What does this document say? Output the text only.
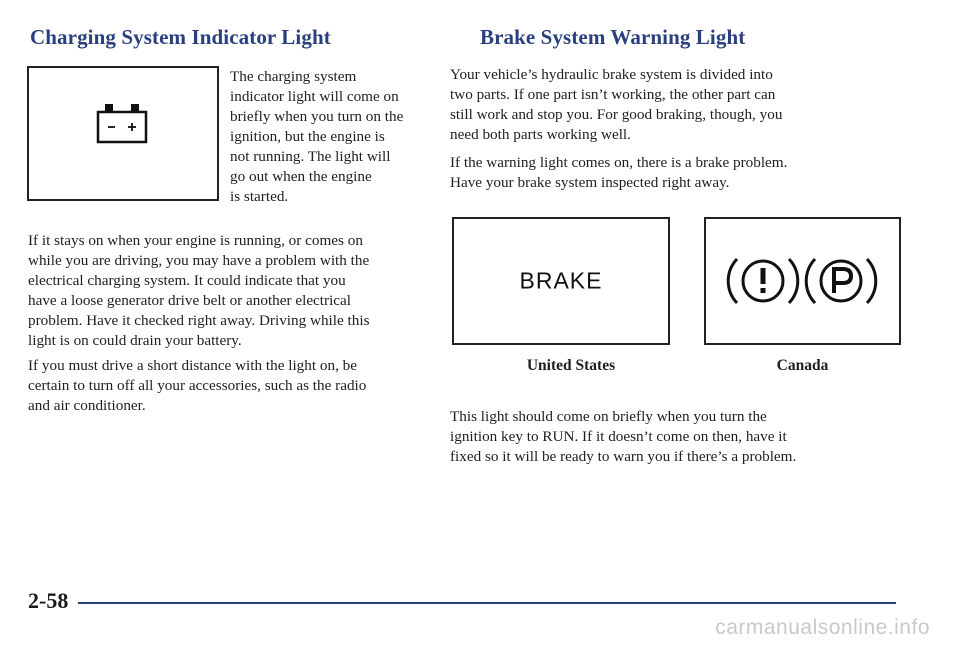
Charging System Indicator Light
The charging system
indicator light will come on
briefly when you turn on the
ignition, but the engine is
not running. The light will
go out when the engine
is started.
If it stays on when your engine is running, or comes on
while you are driving, you may have a problem with the
electrical charging system. It could indicate that you
have a loose generator drive belt or another electrical
problem. Have it checked right away. Driving while this
light is on could drain your battery.
If you must drive a short distance with the light on, be
certain to turn off all your accessories, such as the radio
and air conditioner.
Brake System Warning Light
Your vehicle’s hydraulic brake system is divided into
two parts. If one part isn’t working, the other part can
still work and stop you. For good braking, though, you
need both parts working well.
If the warning light comes on, there is a brake problem.
Have your brake system inspected right away.
BRAKE
United States	Canada
This light should come on briefly when you turn the
ignition key to RUN. If it doesn’t come on then, have it
fixed so it will be ready to warn you if there’s a problem.

2-58

carmanualsonline.info
